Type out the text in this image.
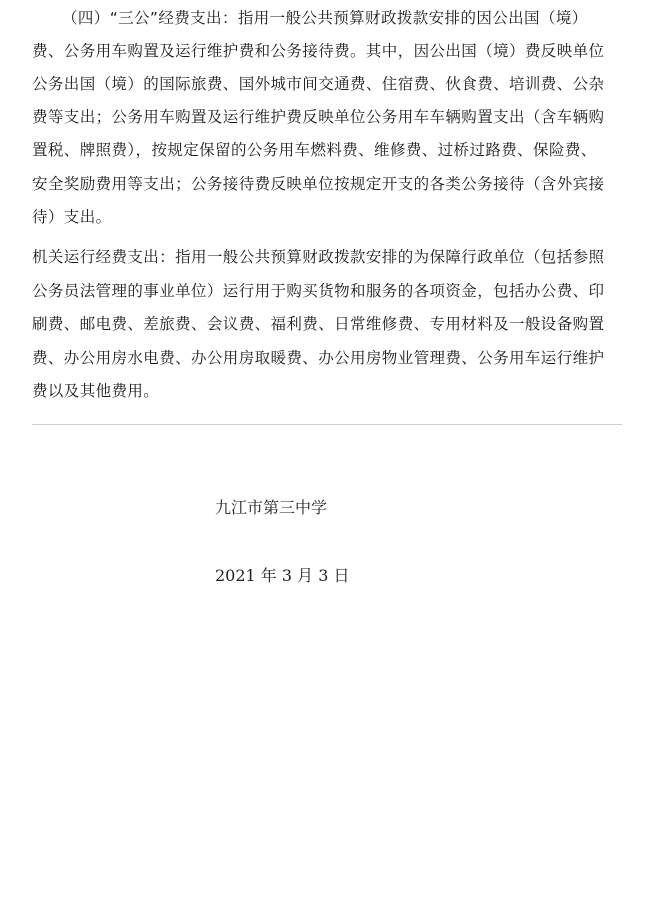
（四）“三公”经费支出：指用一般公共预算财政拨款安排的因公出国（境）
费、公务用车购置及运行维护费和公务接待费。其中，因公出国（境）费反映单位
公务出国（境）的国际旅费、国外城市间交通费、住宿费、伙食费、培训费、公杂
费等支出；公务用车购置及运行维护费反映单位公务用车车辆购置支出（含车辆购
置税、牌照费），按规定保留的公务用车燃料费、维修费、过桥过路费、保险费、
安全奖励费用等支出；公务接待费反映单位按规定开支的各类公务接待（含外宾接
待）支出。
机关运行经费支出：指用一般公共预算财政拨款安排的为保障行政单位（包括参照
公务员法管理的事业单位）运行用于购买货物和服务的各项资金，包括办公费、印
刷费、邮电费、差旅费、会议费、福利费、日常维修费、专用材料及一般设备购置
费、办公用房水电费、办公用房取暖费、办公用房物业管理费、公务用车运行维护
费以及其他费用。
九江市第三中学
2021 年 3 月 3 日
